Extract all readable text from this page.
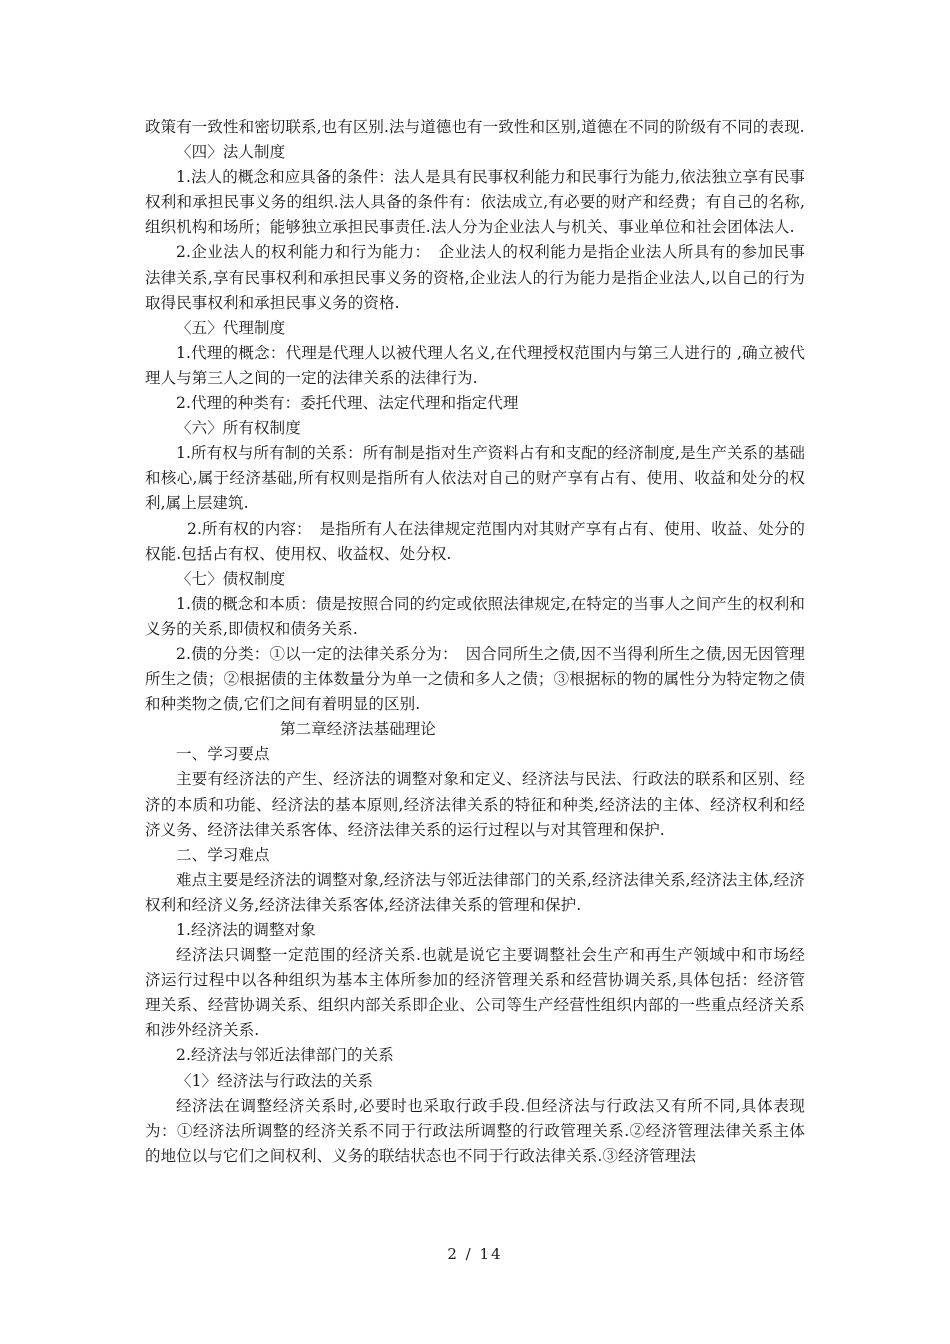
政策有一致性和密切联系,也有区别.法与道德也有一致性和区别,道德在不同的阶级有不同的表现.

〈四〉法人制度

1.法人的概念和应具备的条件：法人是具有民事权利能力和民事行为能力,依法独立享有民事权利和承担民事义务的组织.法人具备的条件有：依法成立,有必要的财产和经费；有自己的名称,组织机构和场所；能够独立承担民事责任.法人分为企业法人与机关、事业单位和社会团体法人.

2.企业法人的权利能力和行为能力：　企业法人的权利能力是指企业法人所具有的参加民事法律关系,享有民事权利和承担民事义务的资格,企业法人的行为能力是指企业法人,以自己的行为取得民事权利和承担民事义务的资格.

〈五〉代理制度

1.代理的概念：代理是代理人以被代理人名义,在代理授权范围内与第三人进行的 ,确立被代理人与第三人之间的一定的法律关系的法律行为.

2.代理的种类有：委托代理、法定代理和指定代理

〈六〉所有权制度

1.所有权与所有制的关系：所有制是指对生产资料占有和支配的经济制度,是生产关系的基础和核心,属于经济基础,所有权则是指所有人依法对自己的财产享有占有、使用、收益和处分的权利,属上层建筑.

2.所有权的内容：　是指所有人在法律规定范围内对其财产享有占有、使用、收益、处分的权能.包括占有权、使用权、收益权、处分权.

〈七〉债权制度

1.债的概念和本质：债是按照合同的约定或依照法律规定,在特定的当事人之间产生的权利和义务的关系,即债权和债务关系.

2.债的分类：①以一定的法律关系分为：　因合同所生之债,因不当得利所生之债,因无因管理所生之债；②根据债的主体数量分为单一之债和多人之债；③根据标的物的属性分为特定物之债和种类物之债,它们之间有着明显的区别.

第二章经济法基础理论

一、学习要点

主要有经济法的产生、经济法的调整对象和定义、经济法与民法、行政法的联系和区别、经济的本质和功能、经济法的基本原则,经济法律关系的特征和种类,经济法的主体、经济权利和经济义务、经济法律关系客体、经济法律关系的运行过程以与对其管理和保护.

二、学习难点

难点主要是经济法的调整对象,经济法与邻近法律部门的关系,经济法律关系,经济法主体,经济权利和经济义务,经济法律关系客体,经济法律关系的管理和保护.

1.经济法的调整对象

经济法只调整一定范围的经济关系.也就是说它主要调整社会生产和再生产领域中和市场经济运行过程中以各种组织为基本主体所参加的经济管理关系和经营协调关系,具体包括：经济管理关系、经营协调关系、组织内部关系即企业、公司等生产经营性组织内部的一些重点经济关系和涉外经济关系.

2.经济法与邻近法律部门的关系

〈1〉经济法与行政法的关系

经济法在调整经济关系时,必要时也采取行政手段.但经济法与行政法又有所不同,具体表现为：①经济法所调整的经济关系不同于行政法所调整的行政管理关系.②经济管理法律关系主体的地位以与它们之间权利、义务的联结状态也不同于行政法律关系.③经济管理法

2 / 14
